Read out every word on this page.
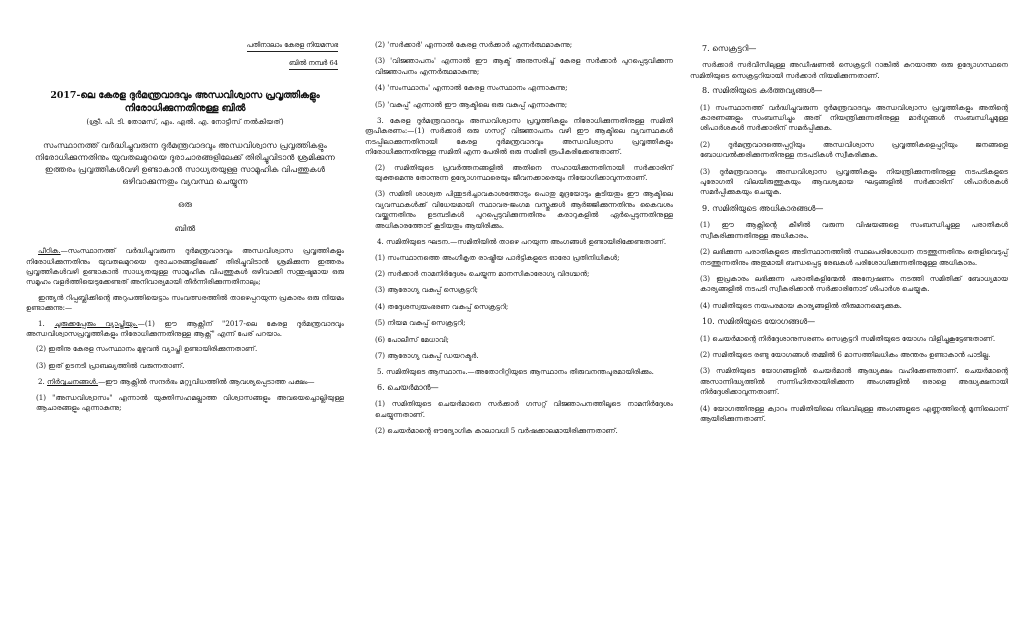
പതിനാലാം കേരള നിയമസഭ
ബിൽ നമ്പർ 64
2017-ലെ കേരള ദുർമന്ത്രവാദവും അന്ധവിശ്വാസ പ്രവൃത്തികളും നിരോധിക്കുന്നതിനുള്ള ബിൽ
(ശ്രീ. പി. ടി. തോമസ്, എം. എൽ. എ. നോട്ടീസ് നൽകിയത്)
സംസ്ഥാനത്ത് വർദ്ധിച്ചുവരുന്ന ദുർമന്ത്രവാദവും അന്ധവിശ്വാസ പ്രവൃത്തികളും നിരോധിക്കുന്നതിനും യുവതലമുറയെ ദുരാചാരങ്ങളിലേക്ക് തിരിച്ചുവിടാൻ ശ്രമിക്കുന്ന ഇത്തരം പ്രവൃത്തികൾവഴി ഉണ്ടാകാൻ സാധ്യതയുള്ള സാമൂഹിക വിപത്തുകൾ ഒഴിവാക്കുന്നതും വ്യവസ്ഥ ചെയ്യുന്ന
ഒരു
ബിൽ

പീഠിക.—സംസ്ഥാനത്ത് വർദ്ധിച്ചുവരുന്ന ദുർമന്ത്രവാദവും അന്ധവിശ്വാസ പ്രവൃത്തികളും നിരോധിക്കുന്നതിനും യുവതലമുറയെ ദുരാചാരങ്ങളിലേക്ക് തിരിച്ചുവിടാൻ ശ്രമിക്കുന്ന ഇത്തരം പ്രവൃത്തികൾവഴി ഉണ്ടാകാൻ സാധ്യതയുള്ള സാമൂഹിക വിപത്തുകൾ ഒഴിവാക്കി സന്തുഷ്ടമായ ഒരു സമൂഹം വളർത്തിയെടുക്കേണ്ടത് അനിവാര്യമായി തീർന്നിരിക്കുന്നതിനാലും;

ഇന്ത്യൻ റിപ്പബ്ലിക്കിന്റെ അറുപത്തിയെട്ടാം സംവത്സരത്തിൽ താഴെപ്പറയുന്ന പ്രകാരം ഒരു നിയമം ഉണ്ടാക്കുന്നു:—

1. ചുരുക്കപ്പേരും വ്യാപ്തിയും.—(1) ഈ ആക്റ്റിന് "2017-ലെ കേരള ദുർമന്ത്രവാദവും അന്ധവിശ്വാസപ്രവൃത്തികളും നിരോധിക്കുന്നതിനുള്ള ആക്റ്റ്" എന്ന് പേര് പറയാം.

(2) ഇതിനു കേരള സംസ്ഥാനം മുഴുവൻ വ്യാപ്തി ഉണ്ടായിരിക്കുന്നതാണ്.

(3) ഇത് ഉടനടി പ്രാബല്യത്തിൽ വരുന്നതാണ്.

2. നിർവ്വചനങ്ങൾ.—ഈ ആക്റ്റിൽ സന്ദർഭം മറ്റുവിധത്തിൽ ആവശ്യപ്പെടാത്ത പക്ഷം—

(1) "അന്ധവിശ്വാസം" എന്നാൽ യുക്തിസഹമല്ലാത്ത വിശ്വാസങ്ങളും അവയെച്ചൊല്ലിയുള്ള ആചാരങ്ങളും എന്നാകുന്നു;

(2) 'സർക്കാർ' എന്നാൽ കേരള സർക്കാർ എന്നർത്ഥമാകുന്നു;

(3) 'വിജ്ഞാപനം' എന്നാൽ ഈ ആക്ട് അനുസരിച്ച് കേരള സർക്കാർ പുറപ്പെടുവിക്കുന്ന വിജ്ഞാപനം എന്നർത്ഥമാകുന്നു;

(4) 'സംസ്ഥാനം' എന്നാൽ കേരള സംസ്ഥാനം എന്നാകുന്നു;

(5) 'വകുപ്പ്' എന്നാൽ ഈ ആക്ടിലെ ഒരു വകുപ്പ് എന്നാകുന്നു;

3. കേരള ദുർമന്ത്രവാദവും അന്ധവിശ്വാസ പ്രവൃത്തികളും നിരോധിക്കുന്നതിനുള്ള സമിതി രൂപീകരണം:—(1) സർക്കാർ ഒരു ഗസറ്റ് വിജ്ഞാപനം വഴി ഈ ആക്ടിലെ വ്യവസ്ഥകൾ നടപ്പിലാക്കുന്നതിനായി കേരള ദുർമന്ത്രവാദവും അന്ധവിശ്വാസ പ്രവൃത്തികളും നിരോധിക്കുന്നതിനുള്ള സമിതി എന്ന പേരിൽ ഒരു സമിതി രൂപീകരിക്കേണ്ടതാണ്.

(2) സമിതിയുടെ പ്രവർത്തനങ്ങളിൽ അതിനെ സഹായിക്കുന്നതിനായി സർക്കാരിന് യുക്തമെന്നു തോന്നുന്ന ഉദ്യോഗസ്ഥരെയും ജീവനക്കാരെയും നിയോഗിക്കാവുന്നതാണ്.

(3) സമിതി ശാശ്വത പിന്തുടർച്ചാവകാശത്തോടും പൊതു മുദ്രയോടും കൂടിയതും ഈ ആക്ടിലെ വ്യവസ്ഥകൾക്ക് വിധേയമായി സ്ഥാവര-ജംഗമ വസ്തുക്കൾ ആർജ്ജിക്കുന്നതിനും കൈവശം വയ്ക്കുന്നതിനും ഉടമ്പടികൾ പുറപ്പെടുവിക്കുന്നതിനും കരാറുകളിൽ ഏർപ്പെടുന്നതിനുള്ള അധികാരത്തോട് കൂടിയതും ആയിരിക്കും.

4. സമിതിയുടെ ഘടന.—സമിതിയിൽ താഴെ പറയുന്ന അംഗങ്ങൾ ഉണ്ടായിരിക്കേണ്ടതാണ്.

(1) സംസ്ഥാനത്തെ അംഗീകൃത രാഷ്ട്രീയ പാർട്ടികളുടെ ഓരോ പ്രതിനിധികൾ;

(2) സർക്കാർ നാമനിർദ്ദേശം ചെയ്യുന്ന മാനസികാരോഗ്യ വിദഗ്ദ്ധൻ;

(3) ആരോഗ്യ വകുപ്പ് സെക്രട്ടറി;

(4) തദ്ദേശസ്വയംഭരണ വകുപ്പ് സെക്രട്ടറി;

(5) നിയമ വകുപ്പ് സെക്രട്ടറി;

(6) പോലീസ് മേധാവി;

(7) ആരോഗ്യ വകുപ്പ് ഡയറക്ടർ.

5. സമിതിയുടെ ആസ്ഥാനം.—അതോറിറ്റിയുടെ ആസ്ഥാനം തിരുവനന്തപുരമായിരിക്കും.

6. ചെയർമാൻ—

(1) സമിതിയുടെ ചെയർമാനെ സർക്കാർ ഗസറ്റ് വിജ്ഞാപനത്തിലൂടെ നാമനിർദ്ദേശം ചെയ്യുന്നതാണ്.

(2) ചെയർമാന്റെ ഔദ്യോഗിക കാലാവധി 5 വർഷക്കാലമായിരിക്കുന്നതാണ്.

7. സെക്രട്ടറി—

സർക്കാർ സർവീസിലുള്ള അഡീഷണൽ സെക്രട്ടറി റാങ്കിൽ കുറയാത്ത ഒരു ഉദ്യോഗസ്ഥനെ സമിതിയുടെ സെക്രട്ടറിയായി സർക്കാർ നിയമിക്കുന്നതാണ്.

8. സമിതിയുടെ കർത്തവ്യങ്ങൾ—

(1) സംസ്ഥാനത്ത് വർദ്ധിച്ചുവരുന്ന ദുർമന്ത്രവാദവും അന്ധവിശ്വാസ പ്രവൃത്തികളും അതിന്റെ കാരണങ്ങളും സംബന്ധിച്ചും അത് നിയന്ത്രിക്കുന്നതിനുള്ള മാർഗ്ഗങ്ങൾ സംബന്ധിച്ചുമുള്ള ശിപാർശകൾ സർക്കാരിന് സമർപ്പിക്കുക.

(2) ദുർമന്ത്രവാദത്തെപ്പറ്റിയും അന്ധവിശ്വാസ പ്രവൃത്തികളെപ്പറ്റിയും ജനങ്ങളെ ബോധവൽക്കരിക്കുന്നതിനുള്ള നടപടികൾ സ്വീകരിക്കുക.

(3) ദുർമന്ത്രവാദവും അന്ധവിശ്വാസ പ്രവൃത്തികളും നിയന്ത്രിക്കുന്നതിനുള്ള നടപടികളുടെ പുരോഗതി വിലയിരുത്തുകയും ആവശ്യമായ ഘട്ടങ്ങളിൽ സർക്കാരിന് ശിപാർശകൾ സമർപ്പിക്കുകയും ചെയ്യുക.

9. സമിതിയുടെ അധികാരങ്ങൾ—

(1) ഈ ആക്റ്റിന്റെ കീഴിൽ വരുന്ന വിഷയങ്ങളെ സംബന്ധിച്ചുള്ള പരാതികൾ സ്വീകരിക്കുന്നതിനുള്ള അധികാരം.

(2) ലഭിക്കുന്ന പരാതികളുടെ അടിസ്ഥാനത്തിൽ സ്ഥലപരിശോധന നടത്തുന്നതിനും തെളിവെടുപ്പ് നടത്തുന്നതിനും അതുമായി ബന്ധപ്പെട്ട രേഖകൾ പരിശോധിക്കുന്നതിനുമുള്ള അധികാരം.

(3) ഇപ്രകാരം ലഭിക്കുന്ന പരാതികളിന്മേൽ അന്വേഷണം നടത്തി സമിതിക്ക് ബോധ്യമായ കാര്യങ്ങളിൽ നടപടി സ്വീകരിക്കാൻ സർക്കാരിനോട് ശിപാർശ ചെയ്യുക.

(4) സമിതിയുടെ നയപരമായ കാര്യങ്ങളിൽ തീരുമാനമെടുക്കുക.

10. സമിതിയുടെ യോഗങ്ങൾ—

(1) ചെയർമാന്റെ നിർദ്ദേശാനുസരണം സെക്രട്ടറി സമിതിയുടെ യോഗം വിളിച്ചുകൂട്ടേണ്ടതാണ്.

(2) സമിതിയുടെ രണ്ടു യോഗങ്ങൾ തമ്മിൽ 6 മാസത്തിലധികം അന്തരം ഉണ്ടാകാൻ പാടില്ല.

(3) സമിതിയുടെ യോഗങ്ങളിൽ ചെയർമാൻ ആദ്ധ്യക്ഷം വഹിക്കേണ്ടതാണ്. ചെയർമാന്റെ അസാന്നിദ്ധ്യത്തിൽ സന്നിഹിതരായിരിക്കുന്ന അംഗങ്ങളിൽ ഒരാളെ അദ്ധ്യക്ഷനായി നിർദ്ദേശിക്കാവുന്നതാണ്.

(4) യോഗത്തിനുള്ള ക്വാറം സമിതിയിലെ നിലവിലുള്ള അംഗങ്ങളുടെ എണ്ണത്തിന്റെ മൂന്നിലൊന്ന് ആയിരിക്കുന്നതാണ്.
